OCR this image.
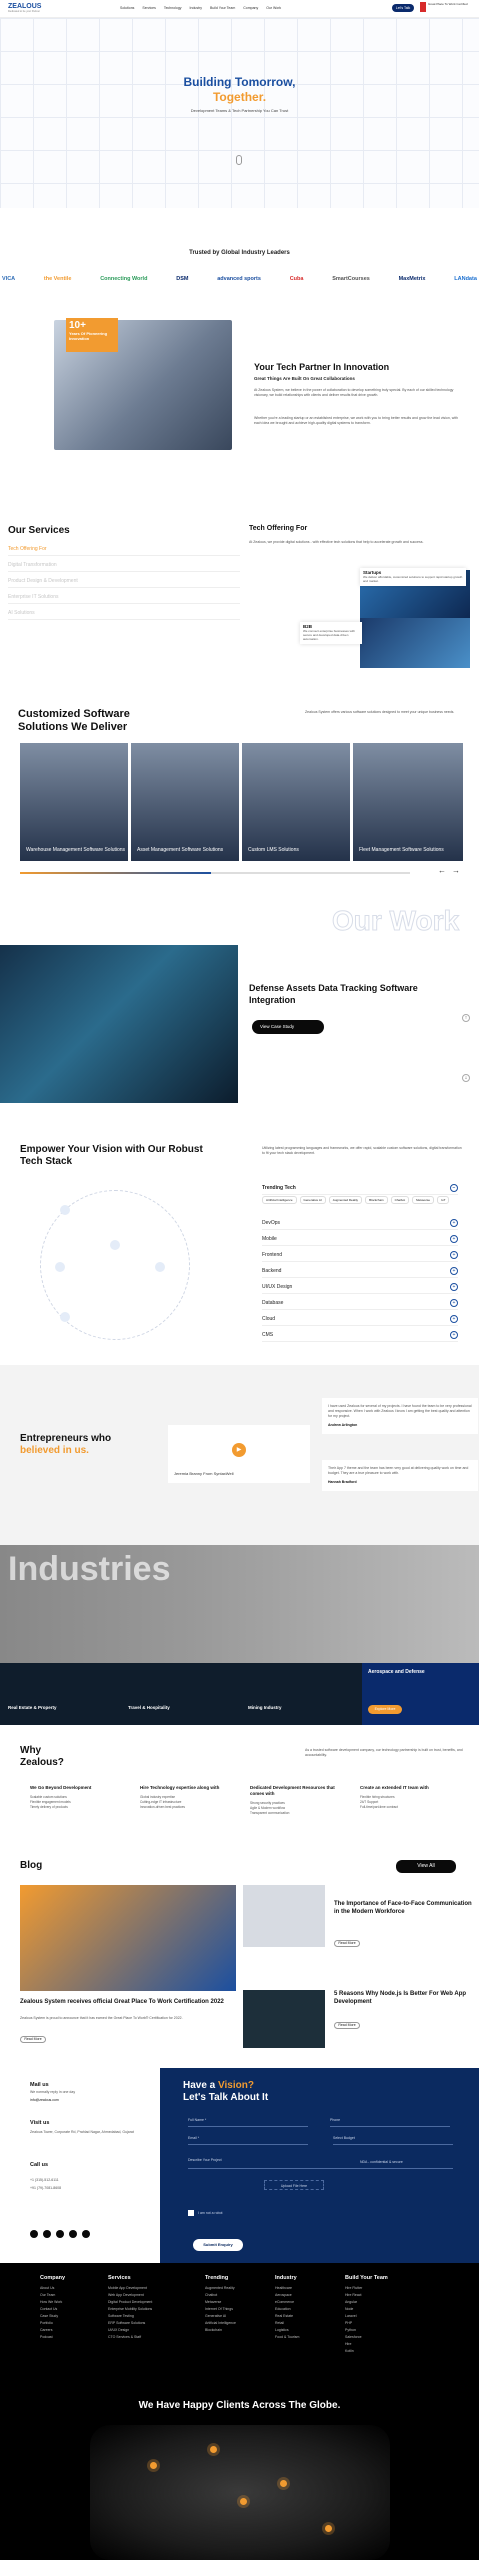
ZEALOUS
Dedicated to be your Partner
Solutions Services Technology Industry Build Your Team Company Our Work	Let's Talk
Great Place To Work Certified
Building Tomorrow,
Together.
Development Teams & Tech Partnership You Can Trust
Trusted by Global Industry Leaders
VICA	the Ventile	Connecting World	DSM	advanced sports	Cuba	SmartCourses	MaxMetrix	LANdata
10+
Years Of Pioneering Innovation
Your Tech Partner In Innovation
Great Things Are Built On Great Collaborations
At Zealous System, we believe in the power of collaboration to develop something truly special. By each of our skilled technology visionary, we build relationships with clients and deliver results that drive growth.
Whether you're a leading startup or an established enterprise, we work with you to bring better results and grow the lead vision, with each idea we brought and achieve high-quality digital systems to transform.
Our Services
Tech Offering For
Digital Transformation
Product Design & Development
Enterprise IT Solutions
AI Solutions
Tech Offering For
At Zealous, we provide digital solutions - with effective tech solutions that help to accelerate growth and success.
Startups
We deliver affordable, customized solutions to support rapid startup growth and market.
B2B
We connect enterprise businesses with secure and developed data-driven automation.
Customized Software Solutions We Deliver
Zealous System offers various software solutions designed to meet your unique business needs.
Warehouse Management Software Solutions Asset Management Software Solutions	Custom LMS Solutions	Fleet Management Software Solutions
← →
Our Work
Defense Assets Data Tracking Software Integration
View Case Study
↑
↓
Empower Your Vision with Our Robust Tech Stack
Utilizing latest programming languages and frameworks, we offer rapid, scalable custom software solutions, digital transformation to fit your tech stack development.
Trending Tech	−
Artificial Intelligence	Generative AI	Augmented Reality	Blockchain	Chatbot	Metaverse	IoT
DevOps	+
Mobile	+
Frontend	+
Backend	+
UI/UX Design	+
Database	+
Cloud	+
CMS	+
Entrepreneurs who
believed in us.	▶
Jeremia Branny From SyntaxWell
I have used Zealous for several of my projects. I have found the team to be very professional and responsive. When I work with Zealous I know I am getting the best quality and attention for my project.
Andrew Arlington
Their App 7 theme and the team has been very good at delivering quality work on time and budget. They are a true pleasure to work with.
Hannah Bradford
Industries
Real Estate & Property	Travel & Hospitality	Mining Industry
Aerospace and Defense
Explore More
Why
Zealous?
As a trusted software development company, our technology partnership is built on trust, benefits, and accountability.
We Go Beyond Development
Scalable custom solutions
Flexible engagement models
Timely delivery of products
Hire Technology expertise along with
Global industry expertise
Cutting-edge IT infrastructure
Innovation-driven best practices
Dedicated Development Resources that comes with
Strong security practices
Agile & Modern workflow
Transparent communication
Create an extended IT team with
Flexible hiring structures
24/7 Support
Full-time/part-time contract
Blog	View All
Zealous System receives official Great Place To Work Certification 2022
Zealous System is proud to announce that it has earned the Great Place To Work® Certification for 2022.
Read More
The Importance of Face-to-Face Communication in the Modern Workforce
Read More
5 Reasons Why Node.js Is Better For Web App Development
Read More
Mail us
We normally reply in one day
info@zealous.com
Visit us
Zealous Tower, Corporate Rd, Prahlad Nagar, Ahmedabad, Gujarat
Call us
+1 (315)-512-6111
+91 (79)-7081-8608
Have a Vision?
Let's Talk About It
Full Name *
Email *	Select Budget
Describe Your Project
Upload File Here
I am not a robot
Submit Enquiry
Phone
NDA - confidential & secure
Company
About Us
Our Team
How We Work
Contact Us
Case Study
Portfolio
Careers
Podcast
Services
Mobile App Development
Web App Development
Digital Product Development
Enterprise Mobility Solutions
Software Testing
ERP Software Solutions
UI/UX Design
CTO Services & Staff
Trending
Augmented Reality
Chatbot
Metaverse
Internet Of Things
Generative AI
Artificial Intelligence
Blockchain
Industry
Healthcare
Aerospace
eCommerce
Education
Real Estate
Retail
Logistics
Food & Tourism
Build Your Team
Hire Flutter
Hire React
Angular
Node
Laravel
PHP
Python
Salesforce
Hire
Kotlin
We Have Happy Clients Across The Globe.
